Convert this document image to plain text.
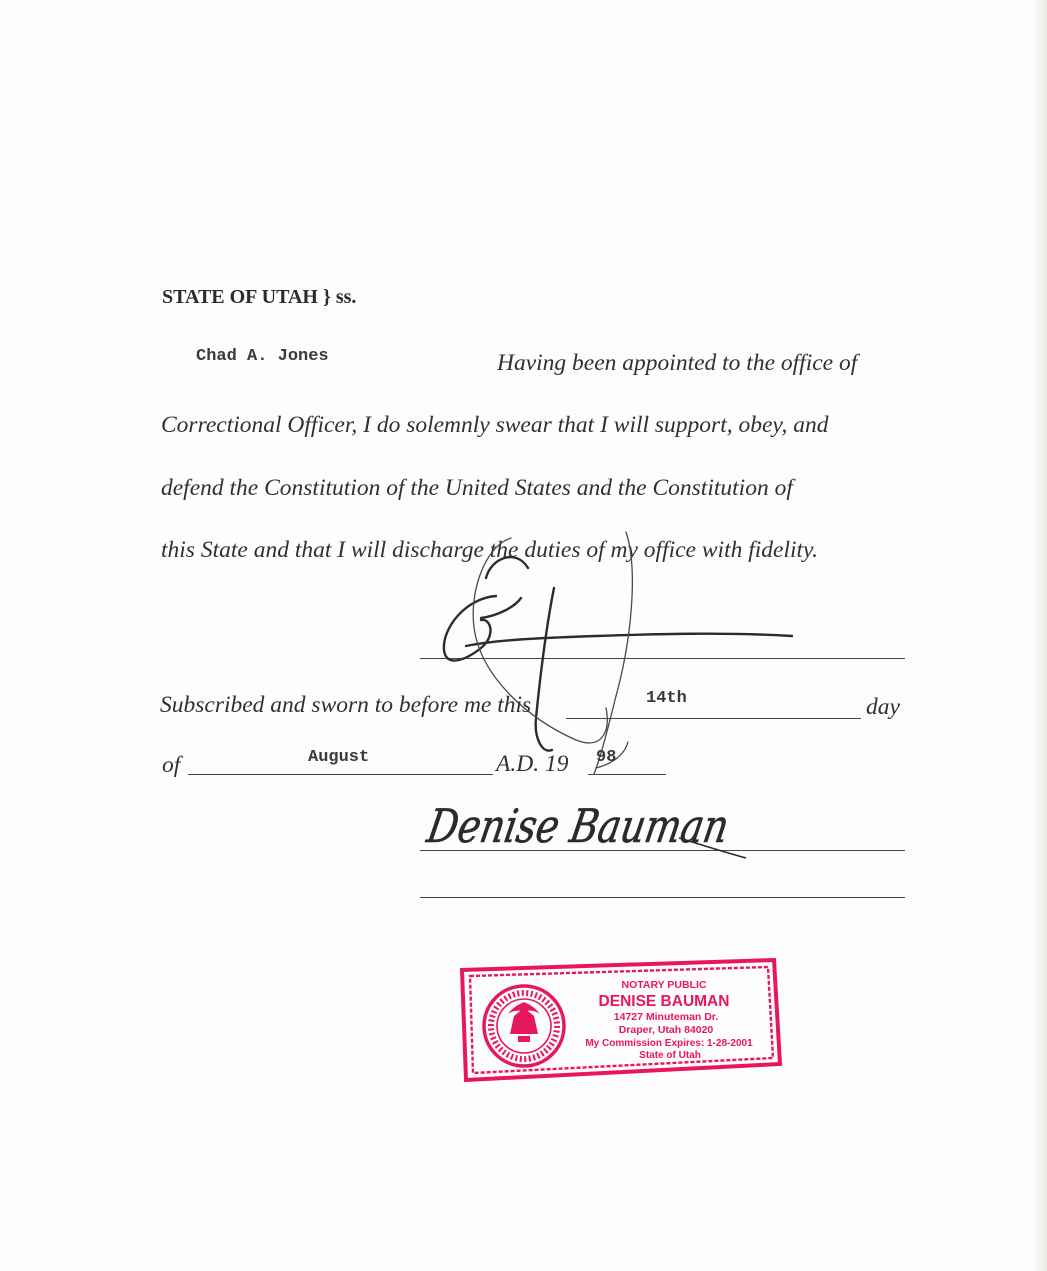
STATE OF UTAH } ss.
Chad A. Jones	Having been appointed to the office of
Correctional Officer, I do solemnly swear that I will support, obey, and
defend the Constitution of the United States and the Constitution of
this State and that I will discharge the duties of my office with fidelity.
Subscribed and sworn to before me this	14th	day
of	August	A.D. 19 98
Denise Bauman
NOTARY PUBLIC
DENISE BAUMAN
14727 Minuteman Dr.
Draper, Utah 84020
My Commission Expires: 1-28-2001
State of Utah
